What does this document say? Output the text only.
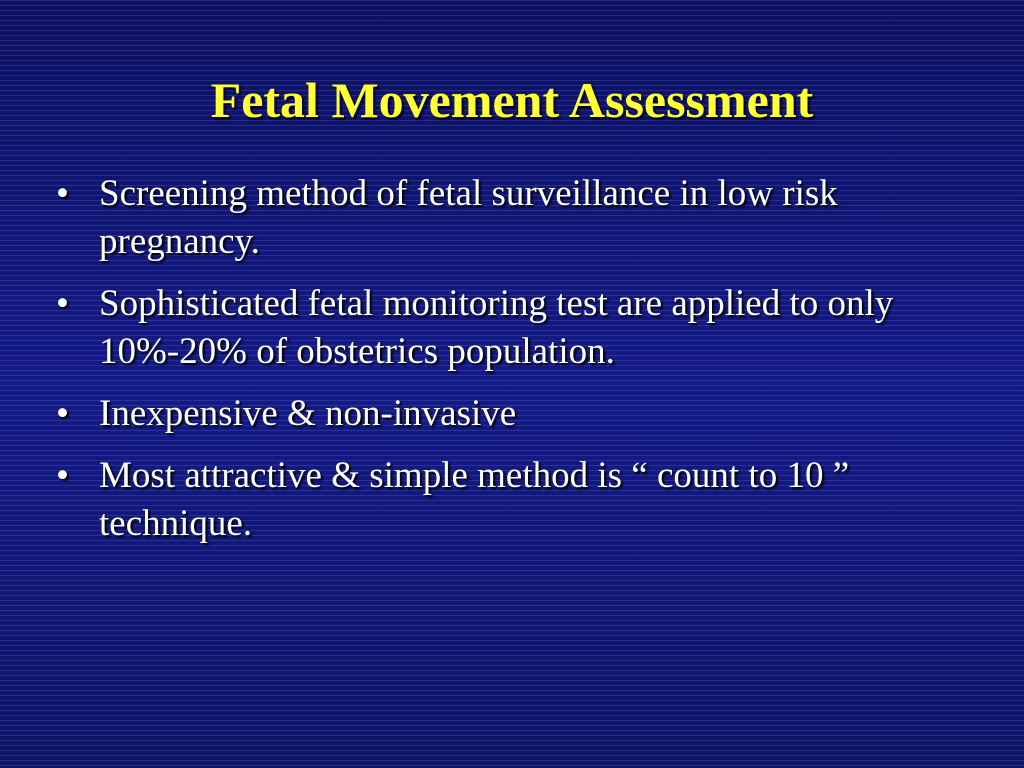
Fetal Movement Assessment
• Screening method of fetal surveillance in low risk pregnancy.
• Sophisticated fetal monitoring test are applied to only 10%-20% of obstetrics population.
• Inexpensive & non-invasive
• Most attractive & simple method is “ count to 10 ” technique.
